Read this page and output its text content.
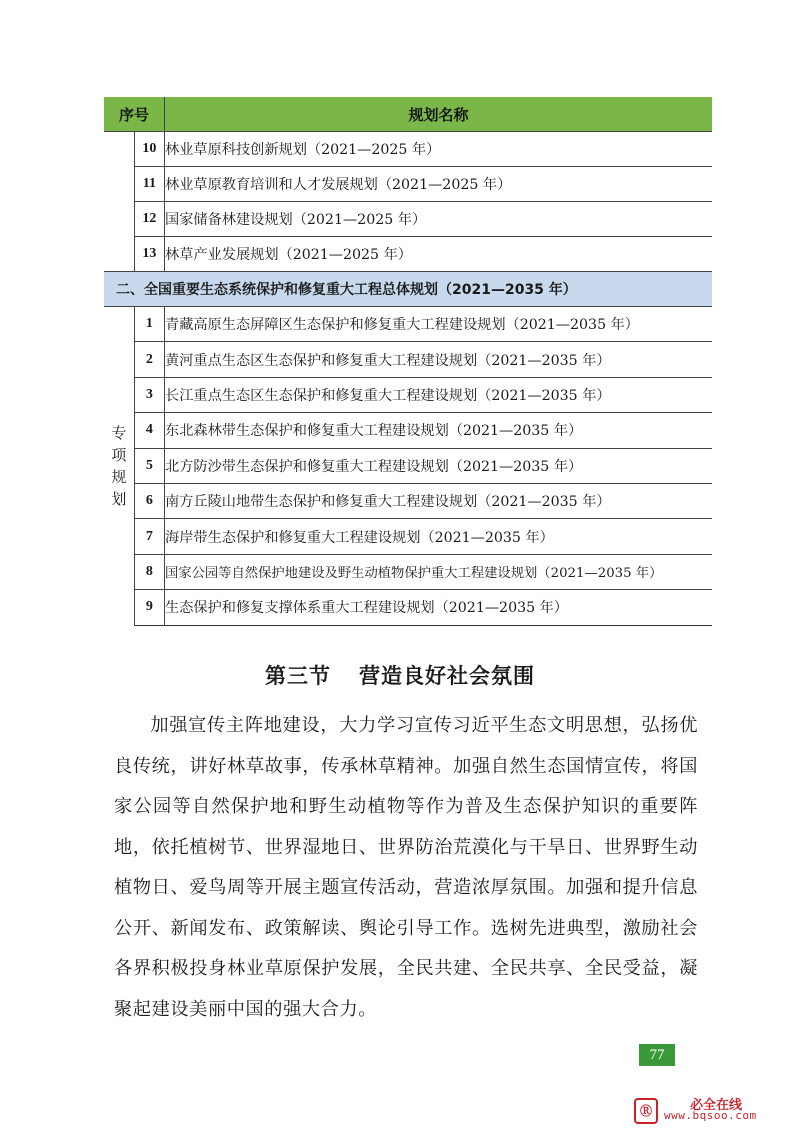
序号		规划名称
	10	林业草原科技创新规划（2021—2025 年）
	11	林业草原教育培训和人才发展规划（2021—2025 年）
	12	国家储备林建设规划（2021—2025 年）
	13	林草产业发展规划（2021—2025 年）
二、全国重要生态系统保护和修复重大工程总体规划（2021—2035 年）		
专项规划	1	青藏高原生态屏障区生态保护和修复重大工程建设规划（2021—2035 年）
	2	黄河重点生态区生态保护和修复重大工程建设规划（2021—2035 年）
	3	长江重点生态区生态保护和修复重大工程建设规划（2021—2035 年）
	4	东北森林带生态保护和修复重大工程建设规划（2021—2035 年）
	5	北方防沙带生态保护和修复重大工程建设规划（2021—2035 年）
	6	南方丘陵山地带生态保护和修复重大工程建设规划（2021—2035 年）
	7	海岸带生态保护和修复重大工程建设规划（2021—2035 年）
	8	国家公园等自然保护地建设及野生动植物保护重大工程建设规划（2021—2035 年）
	9	生态保护和修复支撑体系重大工程建设规划（2021—2035 年）
第三节 营造良好社会氛围

加强宣传主阵地建设，大力学习宣传习近平生态文明思想，弘扬优良传统，讲好林草故事，传承林草精神。加强自然生态国情宣传，将国家公园等自然保护地和野生动植物等作为普及生态保护知识的重要阵地，依托植树节、世界湿地日、世界防治荒漠化与干旱日、世界野生动植物日、爱鸟周等开展主题宣传活动，营造浓厚氛围。加强和提升信息公开、新闻发布、政策解读、舆论引导工作。选树先进典型，激励社会各界积极投身林业草原保护发展，全民共建、全民共享、全民受益，凝聚起建设美丽中国的强大合力。

77
Ⓡ	必全在线
www.bqsoo.com
